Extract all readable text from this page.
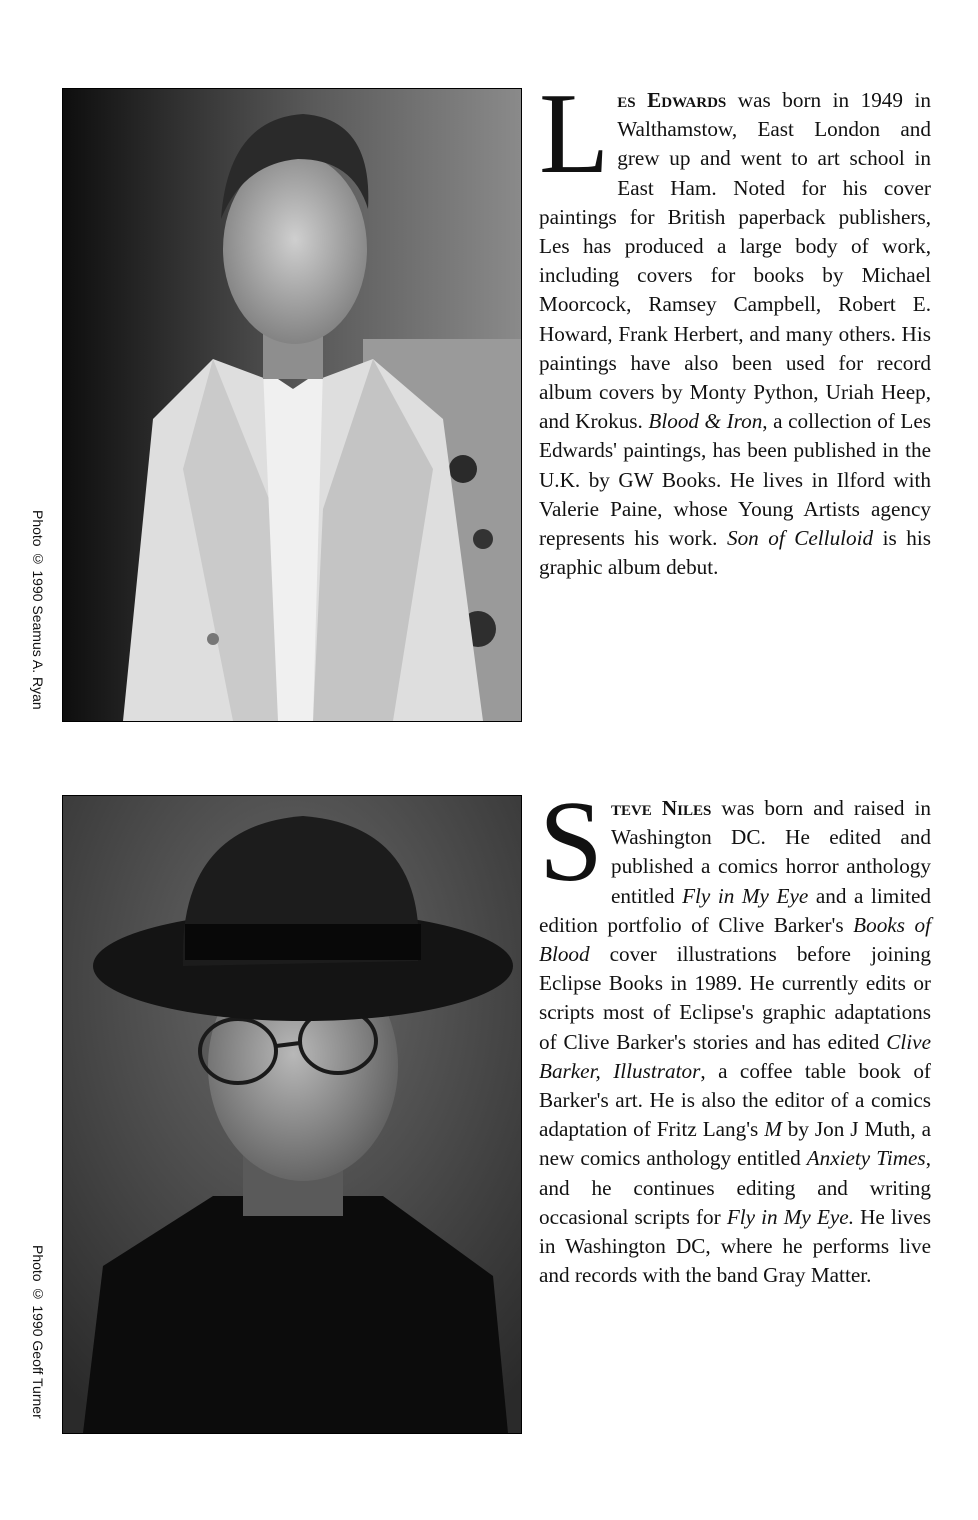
Photo © 1990 Seamus A. Ryan
Les Edwards was born in 1949 in Walthamstow, East London and grew up and went to art school in East Ham. Noted for his cover paintings for British paperback publishers, Les has produced a large body of work, including covers for books by Michael Moorcock, Ramsey Campbell, Robert E. Howard, Frank Herbert, and many others. His paintings have also been used for record album covers by Monty Python, Uriah Heep, and Krokus. Blood & Iron, a collection of Les Edwards' paintings, has been published in the U.K. by GW Books. He lives in Ilford with Valerie Paine, whose Young Artists agency represents his work. Son of Celluloid is his graphic album debut.
Photo © 1990 Geoff Turner
Steve Niles was born and raised in Washington DC. He edited and published a comics horror anthology entitled Fly in My Eye and a limited edition portfolio of Clive Barker's Books of Blood cover illustrations before joining Eclipse Books in 1989. He currently edits or scripts most of Eclipse's graphic adaptations of Clive Barker's stories and has edited Clive Barker, Illustrator, a coffee table book of Barker's art. He is also the editor of a comics adaptation of Fritz Lang's M by Jon J Muth, a new comics anthology entitled Anxiety Times, and he continues editing and writing occasional scripts for Fly in My Eye. He lives in Washington DC, where he performs live and records with the band Gray Matter.
